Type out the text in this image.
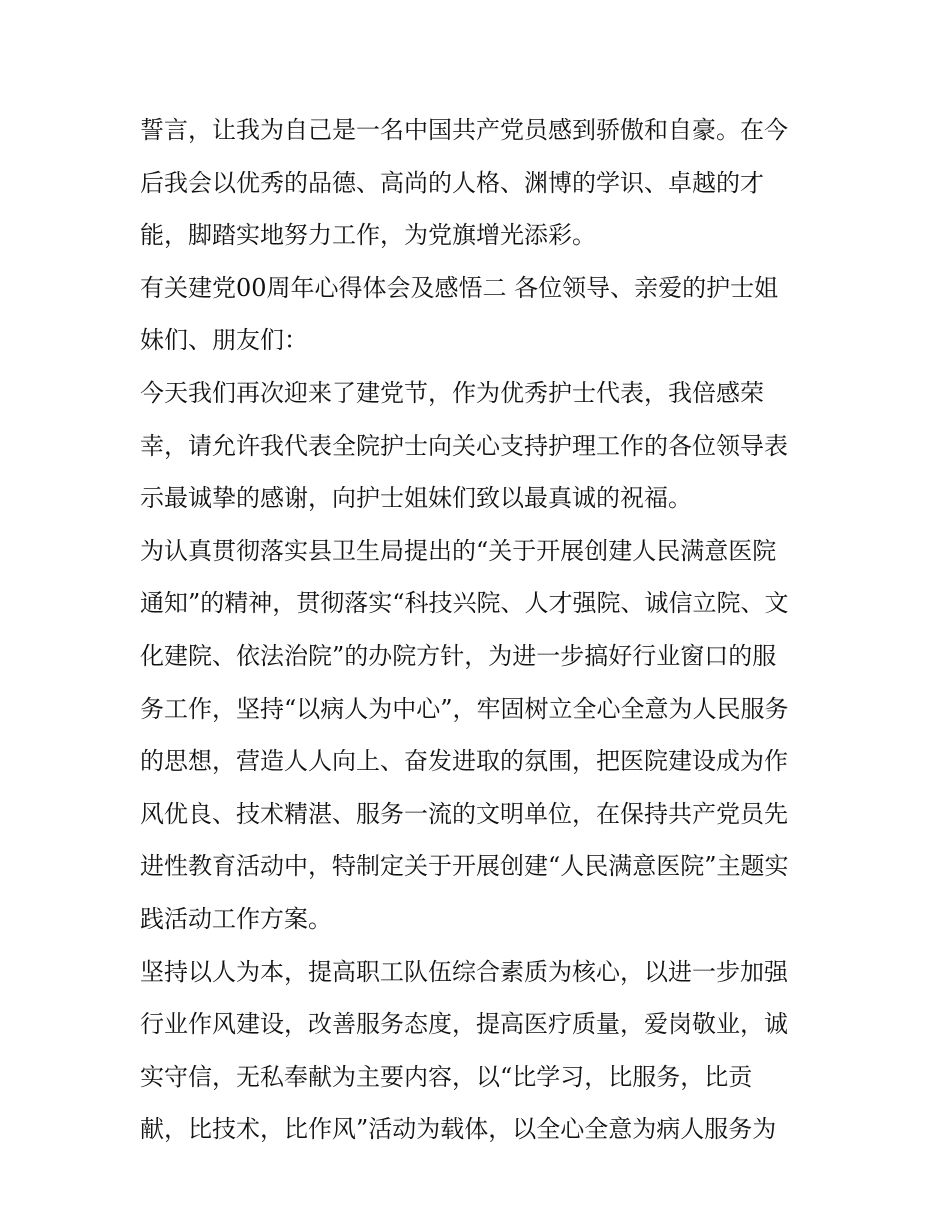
誓言，让我为自己是一名中国共产党员感到骄傲和自豪。在今
后我会以优秀的品德、高尚的人格、渊博的学识、卓越的才
能，脚踏实地努力工作，为党旗增光添彩。
有关建党00周年心得体会及感悟二 各位领导、亲爱的护士姐
妹们、朋友们：
今天我们再次迎来了建党节，作为优秀护士代表，我倍感荣
幸，请允许我代表全院护士向关心支持护理工作的各位领导表
示最诚挚的感谢，向护士姐妹们致以最真诚的祝福。
为认真贯彻落实县卫生局提出的“关于开展创建人民满意医院
通知”的精神，贯彻落实“科技兴院、人才强院、诚信立院、文
化建院、依法治院”的办院方针，为进一步搞好行业窗口的服
务工作，坚持“以病人为中心”，牢固树立全心全意为人民服务
的思想，营造人人向上、奋发进取的氛围，把医院建设成为作
风优良、技术精湛、服务一流的文明单位，在保持共产党员先
进性教育活动中，特制定关于开展创建“人民满意医院”主题实
践活动工作方案。
坚持以人为本，提高职工队伍综合素质为核心，以进一步加强
行业作风建设，改善服务态度，提高医疗质量，爱岗敬业，诚
实守信，无私奉献为主要内容，以“比学习，比服务，比贡
献，比技术，比作风”活动为载体，以全心全意为病人服务为
